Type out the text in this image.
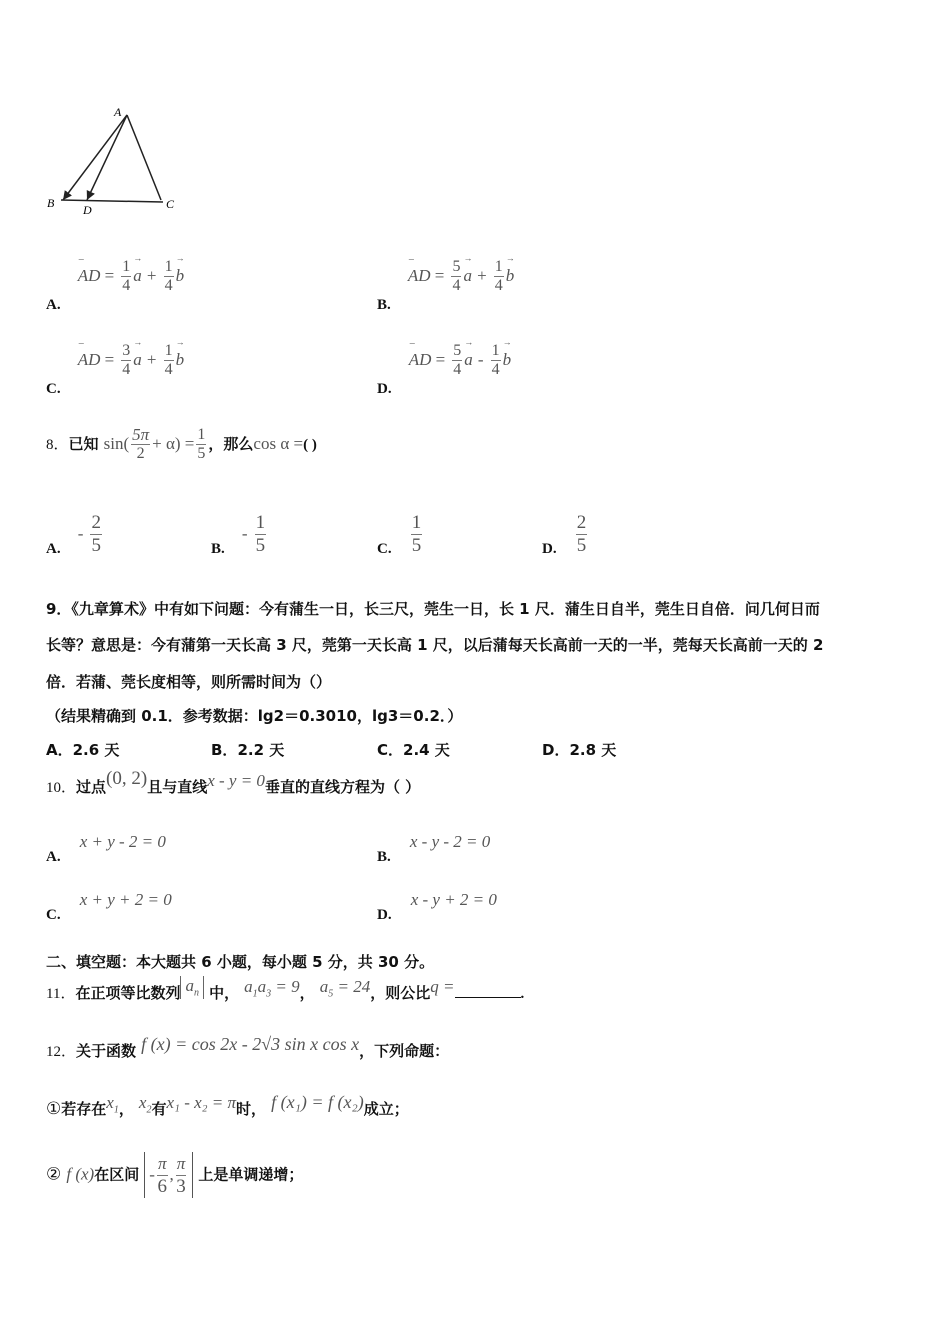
A
B D	C
A. – AD = $\frac{1}{4}$
→ $a + \frac{1}{4}$
→ b
B. – AD = $\frac{5}{4}$
→ $a + \frac{1}{4}$
→ b
C. – AD = $\frac{3}{4}$
→ $a + \frac{1}{4}$
→ b
D. – AD = $\frac{5}{4}$
→ a - $\frac{1}{4}$
→ b
8．已知 $\sin( \frac{5\pi}{2} + \alpha) = \frac{1}{5}$ ，那么cos α =( )
A. - $\frac{2}{5}$	B. - $\frac{1}{5}$	C. $\frac{1}{5}$	D. $\frac{2}{5}$
9．《九章算术》中有如下问题：今有蒲生一日，长三尺，莞生一日，长 1 尺．蒲生日自半，莞生日自倍．问几何日而
长等？意思是：今有蒲第一天长高 3 尺，莞第一天长高 1 尺，以后蒲每天长高前一天的一半，莞每天长高前一天的 2
倍．若蒲、莞长度相等，则所需时间为（）
（结果精确到 0.1．参考数据：lg2＝0.3010，lg3＝0.2．）
A．2.6 天	B．2.2 天	C．2.4 天	D．2.8 天
10．过点(0, 2)且与直线x - y = 0垂直的直线方程为（ ）
A. x + y - 2 = 0
B. x - y - 2 = 0
C. x + y + 2 = 0
D. x - y + 2 = 0
二、填空题：本大题共 6 小题，每小题 5 分，共 30 分。
11．在正项等比数列 $a_n$ 中， $a_1a_3 = 9$， $a_5 = 24$，则公比q =	.
12．关于函数 f (x) = cos 2x - 2√3 sin x cos x，下列命题：
①若存在$x_1$， $x_2$有x₁ - x₂ = π时， f (x₁) = f (x₂)成立；
② f (x)在区间 - $\frac{\pi}{6}$ , $\frac{\pi}{3}$ 上是单调递增；
